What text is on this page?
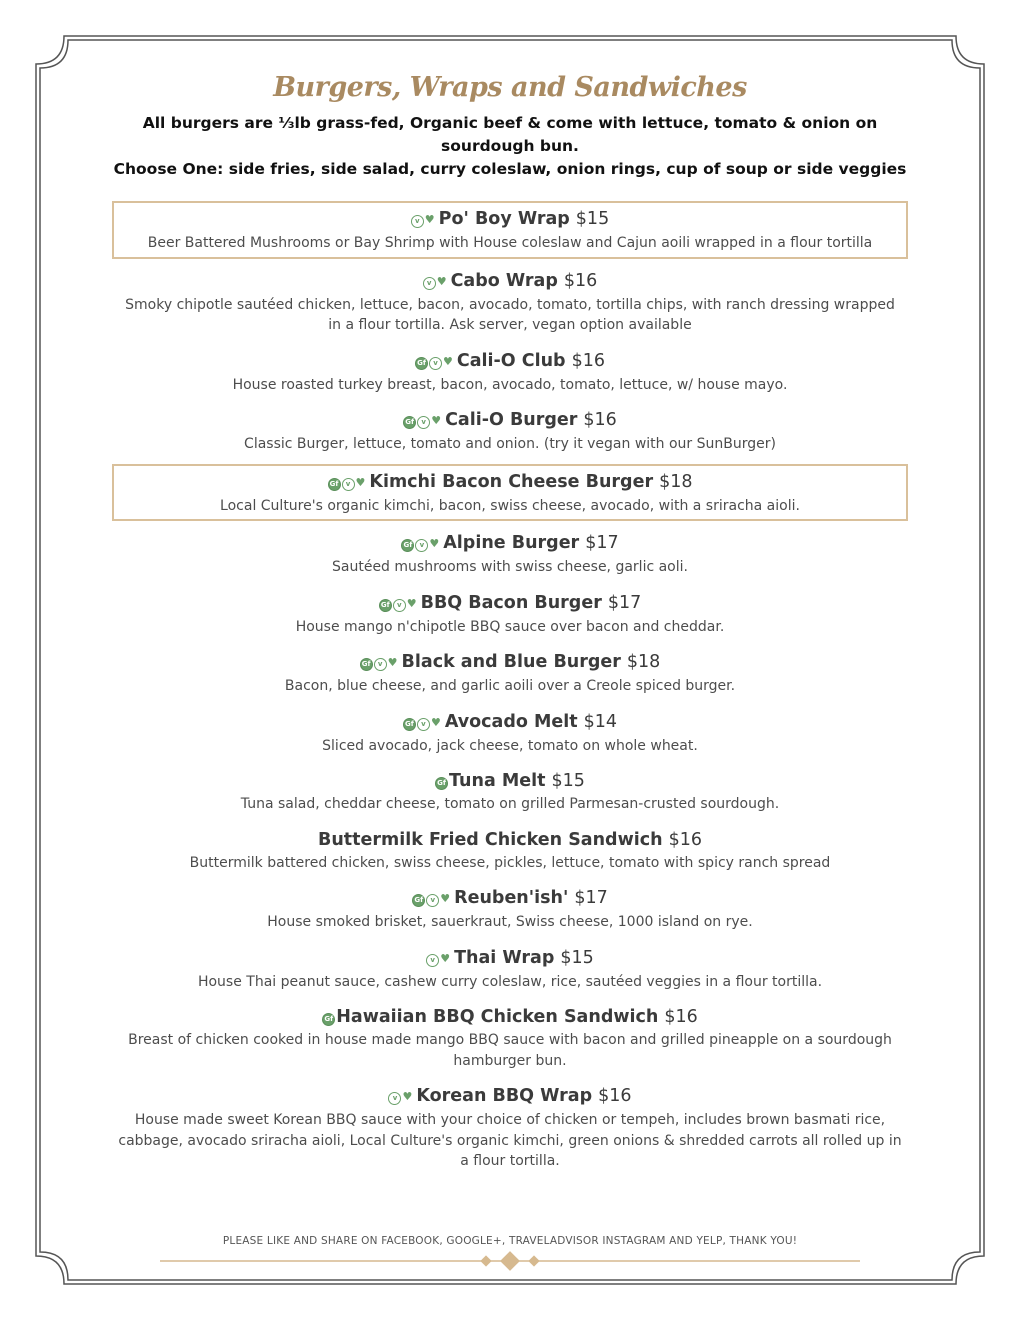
Burgers, Wraps and Sandwiches

All burgers are ⅓lb grass-fed, Organic beef & come with lettuce, tomato & onion on sourdough bun.

Choose One: side fries, side salad, curry coleslaw, onion rings, cup of soup or side veggies

v ♥ Po' Boy Wrap $15

Beer Battered Mushrooms or Bay Shrimp with House coleslaw and Cajun aoili wrapped in a flour tortilla

v ♥ Cabo Wrap $16

Smoky chipotle sautéed chicken, lettuce, bacon, avocado, tomato, tortilla chips, with ranch dressing wrapped in a flour tortilla. Ask server, vegan option available

Gf v ♥ Cali-O Club $16

House roasted turkey breast, bacon, avocado, tomato, lettuce, w/ house mayo.

Gf v ♥ Cali-O Burger $16

Classic Burger, lettuce, tomato and onion. (try it vegan with our SunBurger)

Gf v ♥ Kimchi Bacon Cheese Burger $18

Local Culture's organic kimchi, bacon, swiss cheese, avocado, with a sriracha aioli.

Gf v ♥ Alpine Burger $17

Sautéed mushrooms with swiss cheese, garlic aoli.

Gf v ♥ BBQ Bacon Burger $17

House mango n'chipotle BBQ sauce over bacon and cheddar.

Gf v ♥ Black and Blue Burger $18

Bacon, blue cheese, and garlic aoili over a Creole spiced burger.

Gf v ♥ Avocado Melt $14

Sliced avocado, jack cheese, tomato on whole wheat.

Gf Tuna Melt $15

Tuna salad, cheddar cheese, tomato on grilled Parmesan-crusted sourdough.

Buttermilk Fried Chicken Sandwich $16

Buttermilk battered chicken, swiss cheese, pickles, lettuce, tomato with spicy ranch spread

Gf v ♥ Reuben'ish' $17

House smoked brisket, sauerkraut, Swiss cheese, 1000 island on rye.

v ♥ Thai Wrap $15

House Thai peanut sauce, cashew curry coleslaw, rice, sautéed veggies in a flour tortilla.

Gf Hawaiian BBQ Chicken Sandwich $16

Breast of chicken cooked in house made mango BBQ sauce with bacon and grilled pineapple on a sourdough hamburger bun.

v ♥ Korean BBQ Wrap $16

House made sweet Korean BBQ sauce with your choice of chicken or tempeh, includes brown basmati rice, cabbage, avocado sriracha aioli, Local Culture's organic kimchi, green onions & shredded carrots all rolled up in a flour tortilla.

PLEASE LIKE AND SHARE ON FACEBOOK, GOOGLE+, TRAVELADVISOR INSTAGRAM AND YELP, THANK YOU!
